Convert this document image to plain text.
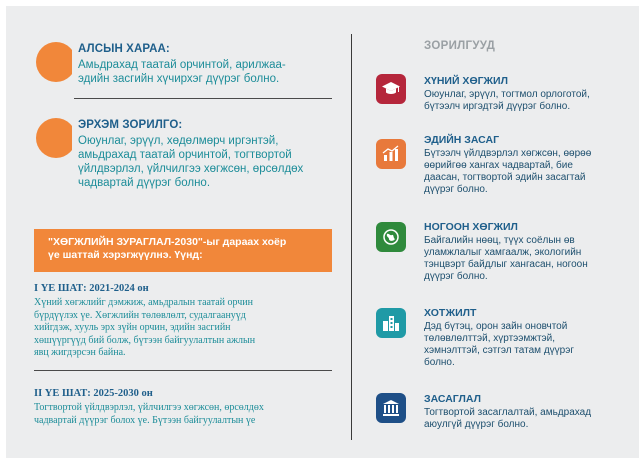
АЛСЫН ХАРАА:
Амьдрахад таатай орчинтой, арилжаа-
эдийн засгийн хүчирхэг дүүрэг болно.
ЭРХЭМ ЗОРИЛГО:
Оюунлаг, эрүүл, хөдөлмөрч иргэнтэй,
амьдрахад таатай орчинтой, тогтвортой
үйлдвэрлэл, үйлчилгээ хөгжсөн, өрсөлдөх
чадвартай дүүрэг болно.
"ХӨГЖЛИЙН ЗУРАГЛАЛ-2030"-ыг дараах хоёр
үе шаттай хэрэгжүүлнэ. Үүнд:
I ҮЕ ШАТ: 2021-2024 он
Хүний хөгжлийг дэмжиж, амьдралын таатай орчин
бүрдүүлэх үе. Хөгжлийн төлөвлөлт, судалгаануүд
хийгдэж, хууль эрх зүйн орчин, эдийн засгийн
хөшүүргүүд бий болж, бүтээн байгуулалтын ажлын
явц жигдэрсэн байна.
II ҮЕ ШАТ: 2025-2030 он
Тогтвортой үйлдвэрлэл, үйлчилгээ хөгжсөн, өрсөлдөх
чадвартай дүүрэг болох үе. Бүтээн байгуулалтын үе
ЗОРИЛГУУД
ХҮНИЙ ХӨГЖИЛ
Оюунлаг, эрүүл, тогтмол орлоготой,
бүтээлч иргэдтэй дүүрэг болно.
ЭДИЙН ЗАСАГ
Бүтээлч үйлдвэрлэл хөгжсөн, өөрөө
өөрийгөө хангах чадвартай, бие
даасан, тогтвортой эдийн засагтай
дүүрэг болно.
НОГООН ХӨГЖИЛ
Байгалийн нөөц, түүх соёлын өв
уламжлалыг хамгаалж, экологийн
тэнцвэрт байдлыг хангасан, ногоон
дүүрэг болно.
ХОТЖИЛТ
Дэд бүтэц, орон зайн оновчтой
төлөвлөлттэй, хүртээмжтэй,
хэмнэлттэй, сэтгэл татам дүүрэг
болно.
ЗАСАГЛАЛ
Тогтвортой засаглалтай, амьдрахад
аюулгүй дүүрэг болно.
